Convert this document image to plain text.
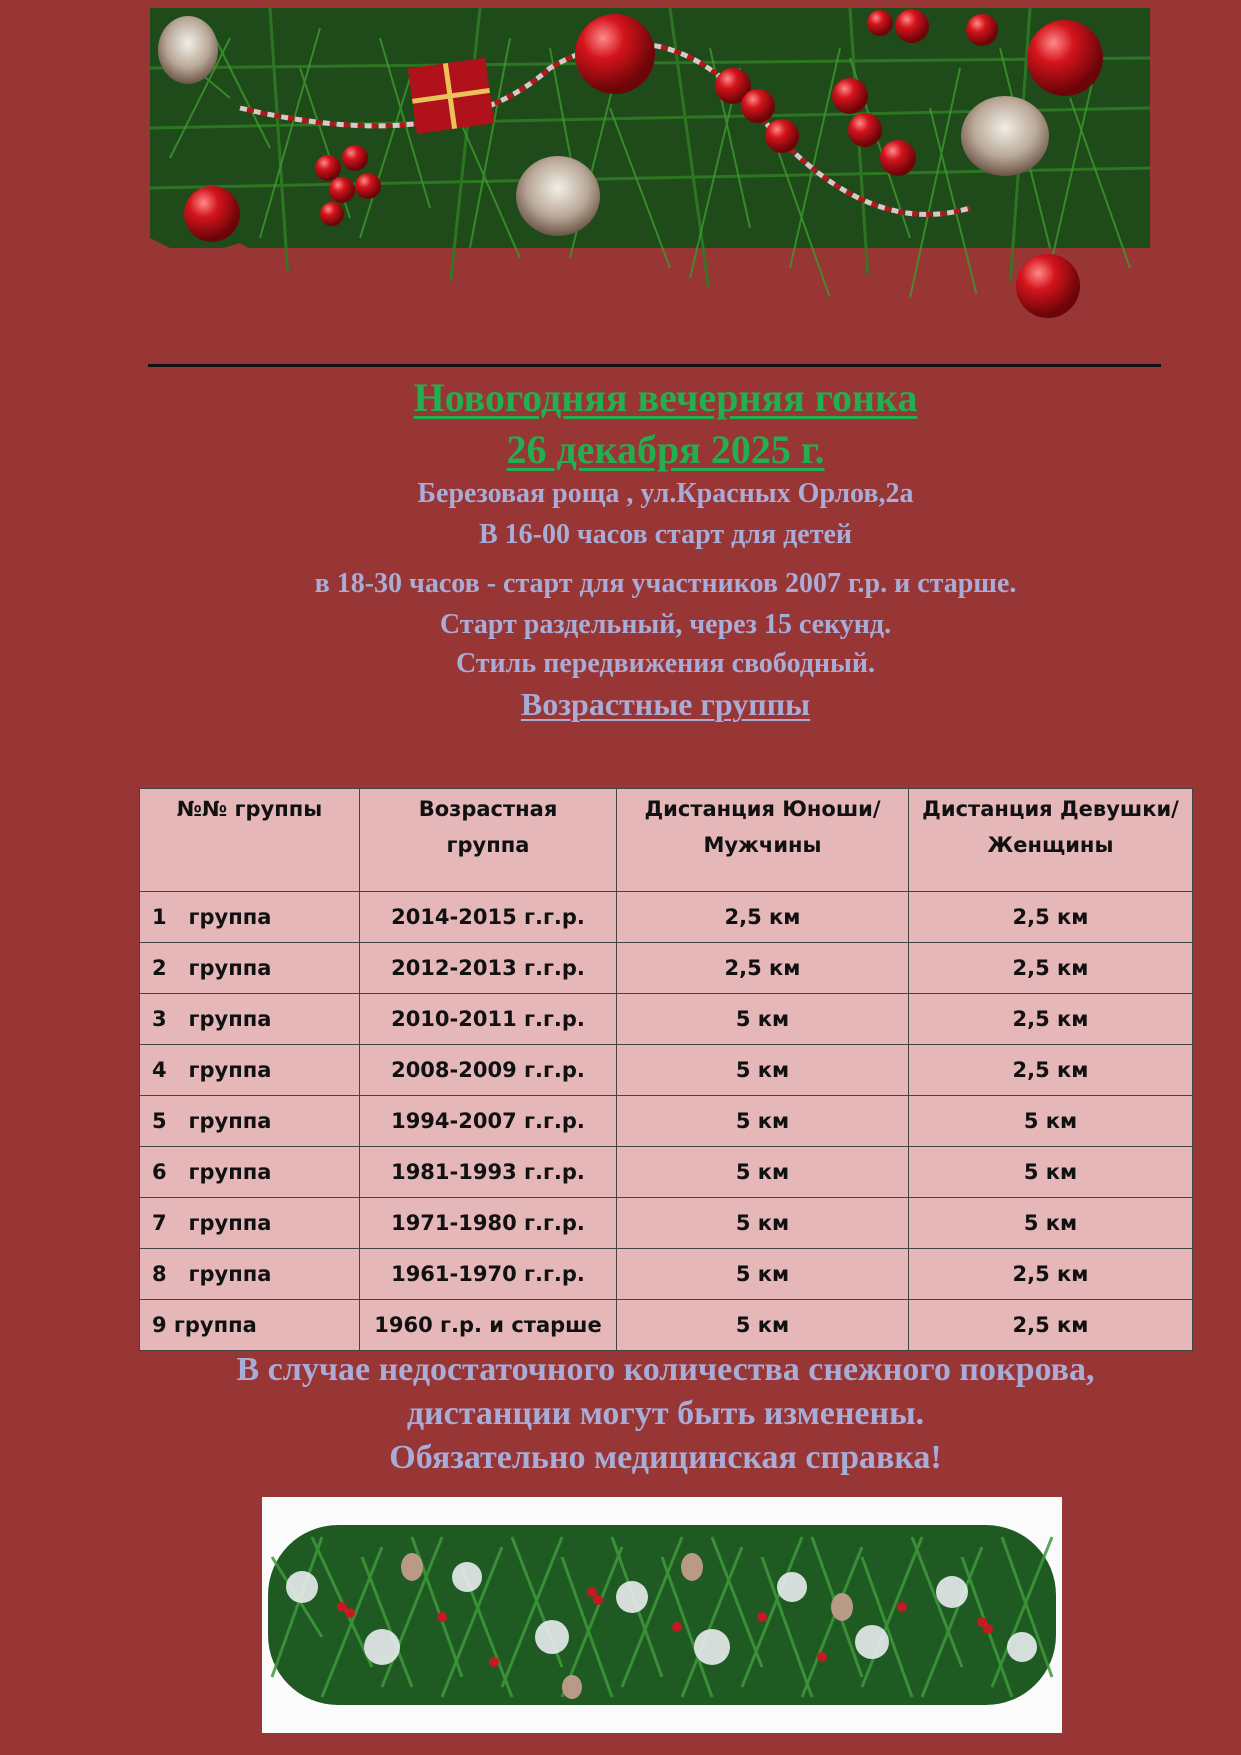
Новогодняя вечерняя гонка
26 декабря 2025 г.
Березовая роща , ул.Красных Орлов,2а
В 16-00 часов старт для детей
в 18-30 часов - старт для участников 2007 г.р. и старше.
Старт раздельный, через 15 секунд.
Стиль передвижения свободный.
Возрастные группы
№№ группы	Возрастная группа	Дистанция Юноши/Мужчины	Дистанция Девушки/Женщины
1   группа	2014-2015 г.г.р.	2,5 км	2,5 км
2   группа	2012-2013 г.г.р.	2,5 км	2,5 км
3   группа	2010-2011 г.г.р.	5 км	2,5 км
4   группа	2008-2009 г.г.р.	5 км	2,5 км
5   группа	1994-2007 г.г.р.	5 км	5 км
6   группа	1981-1993 г.г.р.	5 км	5 км
7   группа	1971-1980 г.г.р.	5 км	5 км
8   группа	1961-1970 г.г.р.	5 км	2,5 км
9 группа	1960 г.р. и старше	5 км	2,5 км
В случае недостаточного количества снежного покрова,
дистанции могут быть изменены.
Обязательно медицинская справка!
